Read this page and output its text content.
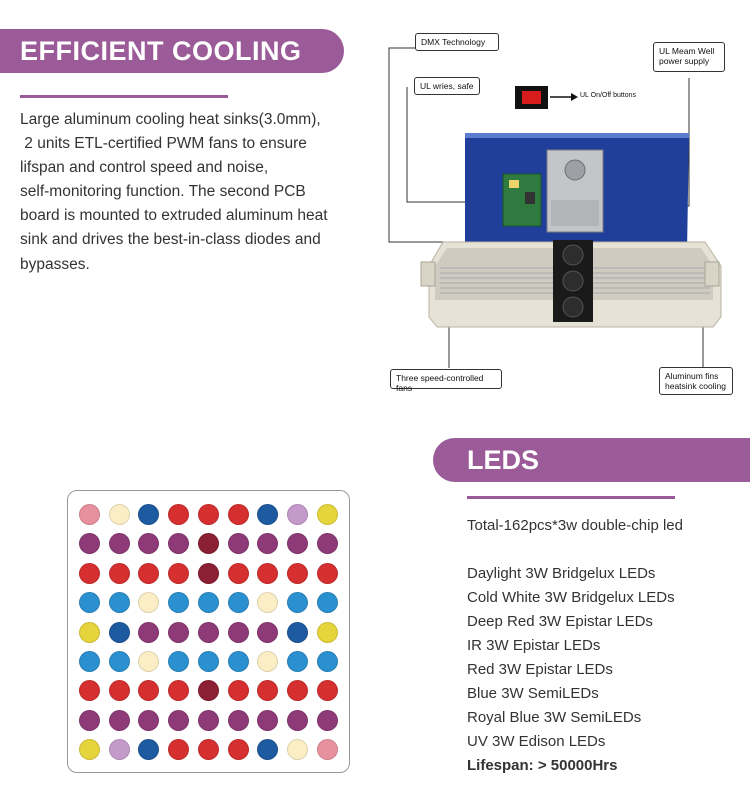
EFFICIENT COOLING
Large aluminum cooling heat sinks(3.0mm),
2 units ETL-certified PWM fans to ensure
lifspan and control speed and noise,
self-monitoring function. The second PCB
board is mounted to extruded aluminum heat
sink and drives the best-in-class diodes and
bypasses.
DMX Technology
UL wries, safe
UL On/Off buttons
UL Meam Well
power supply
Three speed-controlled fans
Aluminum fins
heatsink cooling
LEDS
Total-162pcs*3w double-chip led
Daylight 3W Bridgelux LEDs
Cold White 3W Bridgelux LEDs
Deep Red 3W Epistar LEDs
IR 3W Epistar LEDs
Red 3W Epistar LEDs
Blue 3W SemiLEDs
Royal Blue 3W SemiLEDs
UV 3W Edison LEDs
Lifespan: > 50000Hrs
